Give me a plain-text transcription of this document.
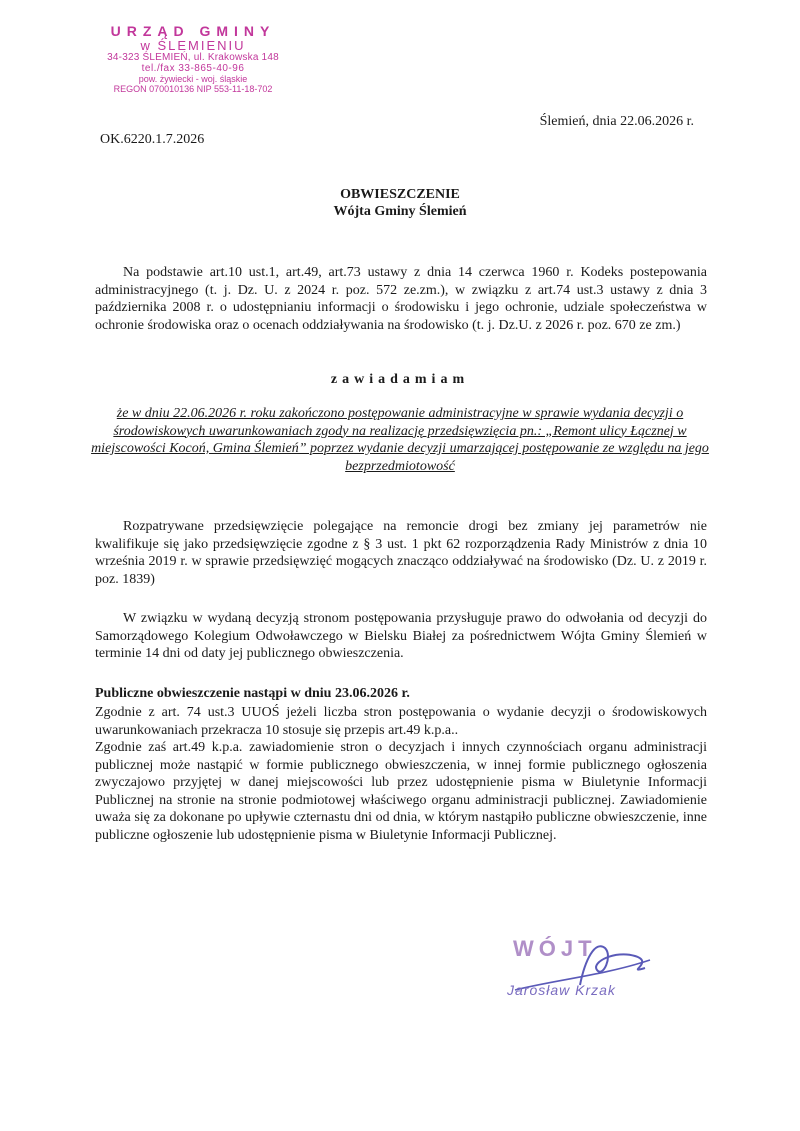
URZĄD GMINY
w ŚLEMIENIU
34-323 ŚLEMIEŃ, ul. Krakowska 148
tel./fax 33-865-40-96
pow. żywiecki - woj. śląskie
REGON 070010136 NIP 553-11-18-702
Ślemień, dnia 22.06.2026 r.
OK.6220.1.7.2026
OBWIESZCZENIE
Wójta Gminy Ślemień
Na podstawie art.10 ust.1, art.49, art.73 ustawy z dnia 14 czerwca 1960 r. Kodeks postepowania administracyjnego (t. j. Dz. U. z 2024 r. poz. 572 ze.zm.), w związku z art.74 ust.3 ustawy z dnia 3 października 2008 r. o udostępnianiu informacji o środowisku i jego ochronie, udziale społeczeństwa w ochronie środowiska oraz o ocenach oddziaływania na środowisko (t. j. Dz.U. z 2026 r. poz. 670 ze zm.)
zawiadamiam
że w dniu 22.06.2026 r. roku zakończono postępowanie administracyjne w sprawie wydania decyzji o środowiskowych uwarunkowaniach zgody na realizację przedsięwzięcia pn.: „Remont ulicy Łącznej w miejscowości Kocoń, Gmina Ślemień” poprzez wydanie decyzji umarzającej postępowanie ze względu na jego bezprzedmiotowość
Rozpatrywane przedsięwzięcie polegające na remoncie drogi bez zmiany jej parametrów nie kwalifikuje się jako przedsięwzięcie zgodne z § 3 ust. 1 pkt 62 rozporządzenia Rady Ministrów z dnia 10 września 2019 r. w sprawie przedsięwzięć mogących znacząco oddziaływać na środowisko (Dz. U. z 2019 r. poz. 1839)
W związku w wydaną decyzją stronom postępowania przysługuje prawo do odwołania od decyzji do Samorządowego Kolegium Odwoławczego w Bielsku Białej za pośrednictwem Wójta Gminy Ślemień w terminie 14 dni od daty jej publicznego obwieszczenia.
Publiczne obwieszczenie nastąpi w dniu 23.06.2026 r.
Zgodnie z art. 74 ust.3 UUOŚ jeżeli liczba stron postępowania o wydanie decyzji o środowiskowych uwarunkowaniach przekracza 10 stosuje się przepis art.49 k.p.a..
Zgodnie zaś art.49 k.p.a. zawiadomienie stron o decyzjach i innych czynnościach organu administracji publicznej może nastąpić w formie publicznego obwieszczenia, w innej formie publicznego ogłoszenia zwyczajowo przyjętej w danej miejscowości lub przez udostępnienie pisma w Biuletynie Informacji Publicznej na stronie na stronie podmiotowej właściwego organu administracji publicznej. Zawiadomienie uważa się za dokonane po upływie czternastu dni od dnia, w którym nastąpiło publiczne obwieszczenie, inne publiczne ogłoszenie lub udostępnienie pisma w Biuletynie Informacji Publicznej.
WÓJT
Jarosław Krzak
